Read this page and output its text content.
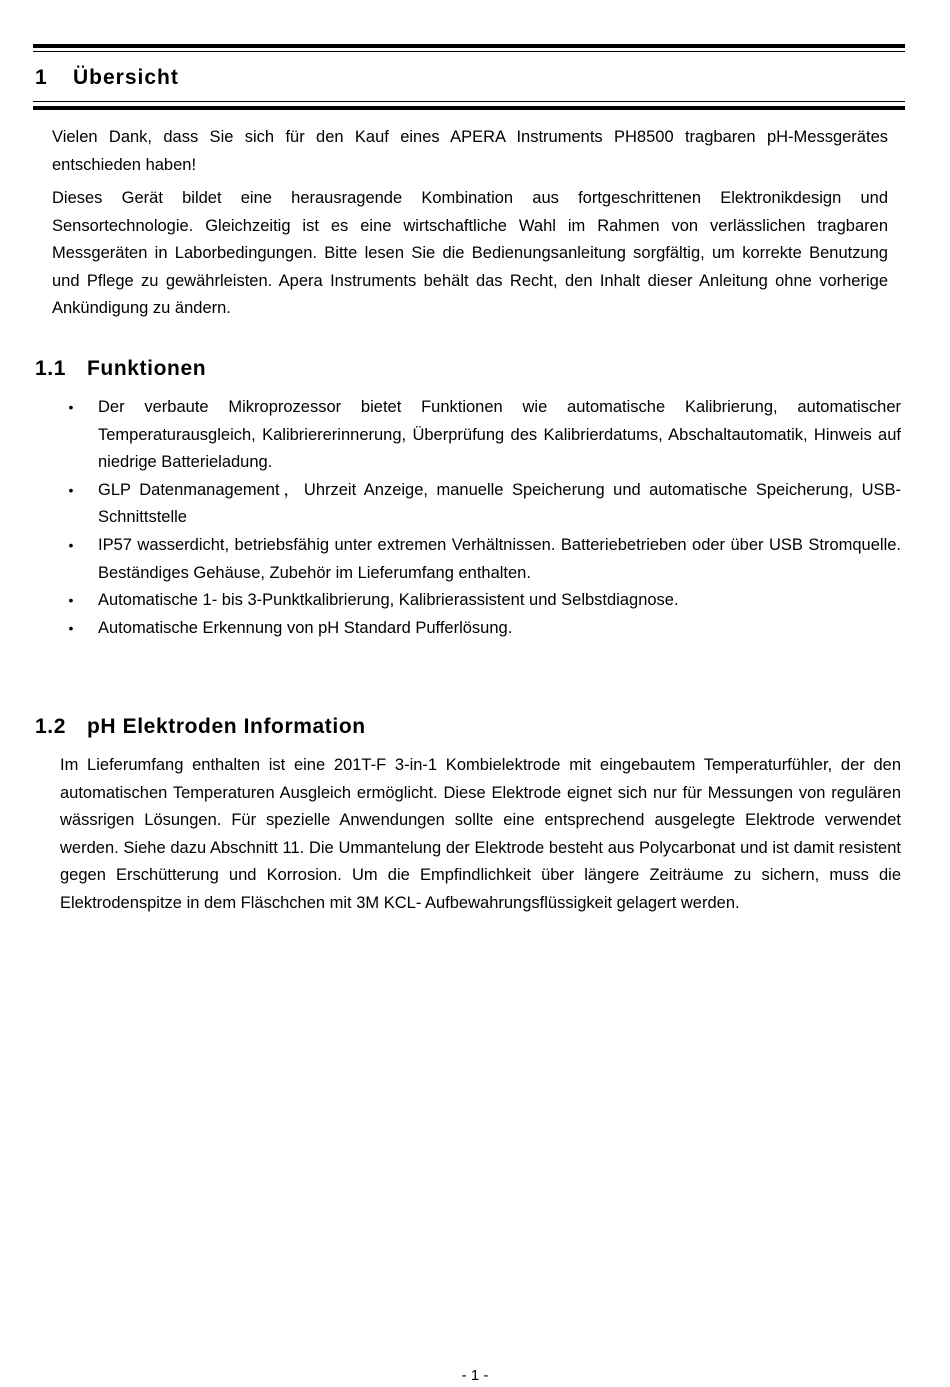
1 Übersicht

Vielen Dank, dass Sie sich für den Kauf eines APERA Instruments PH8500 tragbaren pH-Messgerätes entschieden haben!

Dieses Gerät bildet eine herausragende Kombination aus fortgeschrittenen Elektronikdesign und Sensortechnologie. Gleichzeitig ist es eine wirtschaftliche Wahl im Rahmen von verlässlichen tragbaren Messgeräten in Laborbedingungen. Bitte lesen Sie die Bedienungsanleitung sorgfältig, um korrekte Benutzung und Pflege zu gewährleisten. Apera Instruments behält das Recht, den Inhalt dieser Anleitung ohne vorherige Ankündigung zu ändern.

1.1 Funktionen
• Der verbaute Mikroprozessor bietet Funktionen wie automatische Kalibrierung, automatischer Temperaturausgleich, Kalibriererinnerung, Überprüfung des Kalibrierdatums, Abschaltautomatik, Hinweis auf niedrige Batterieladung.
• GLP Datenmanagement，Uhrzeit Anzeige, manuelle Speicherung und automatische Speicherung, USB-Schnittstelle
• IP57 wasserdicht, betriebsfähig unter extremen Verhältnissen. Batteriebetrieben oder über USB Stromquelle. Beständiges Gehäuse, Zubehör im Lieferumfang enthalten.
• Automatische 1- bis 3-Punktkalibrierung, Kalibrierassistent und Selbstdiagnose.
• Automatische Erkennung von pH Standard Pufferlösung.
1.2 pH Elektroden Information

Im Lieferumfang enthalten ist eine 201T-F 3-in-1 Kombielektrode mit eingebautem Temperaturfühler, der den automatischen Temperaturen Ausgleich ermöglicht. Diese Elektrode eignet sich nur für Messungen von regulären wässrigen Lösungen. Für spezielle Anwendungen sollte eine entsprechend ausgelegte Elektrode verwendet werden. Siehe dazu Abschnitt 11. Die Ummantelung der Elektrode besteht aus Polycarbonat und ist damit resistent gegen Erschütterung und Korrosion. Um die Empfindlichkeit über längere Zeiträume zu sichern, muss die Elektrodenspitze in dem Fläschchen mit 3M KCL- Aufbewahrungsflüssigkeit gelagert werden.

- 1 -
